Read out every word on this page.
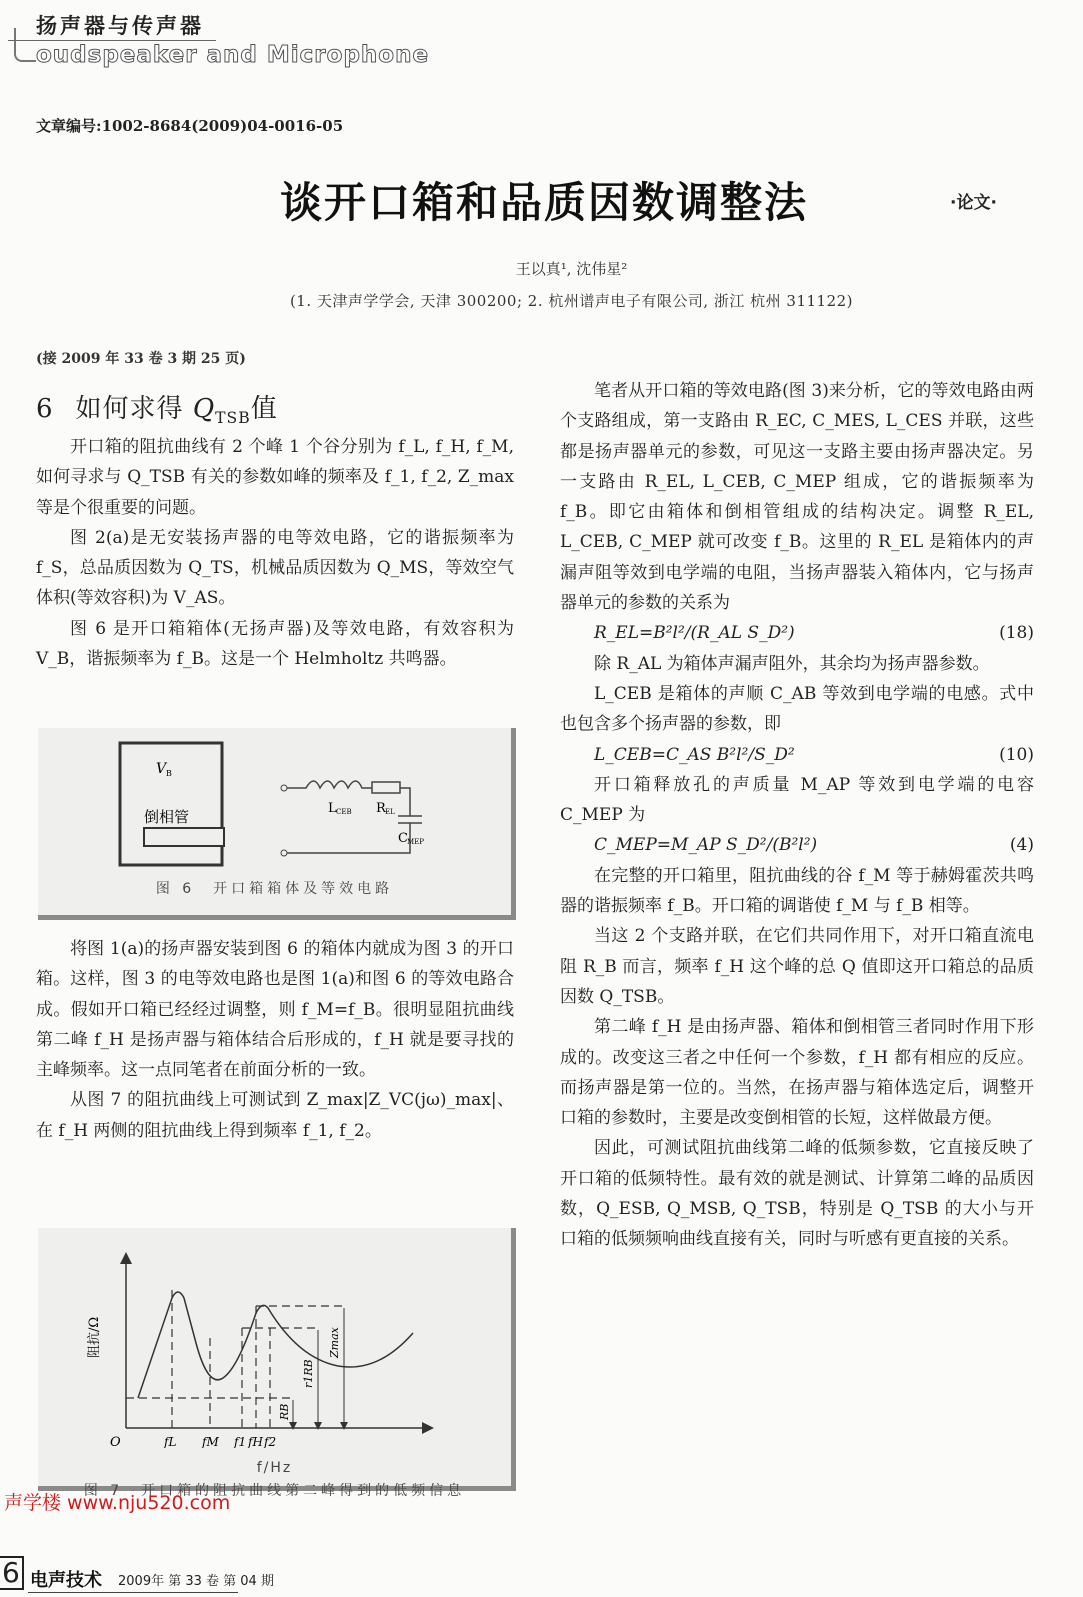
扬声器与传声器
oudspeaker and Microphone
文章编号:1002-8684(2009)04-0016-05
谈开口箱和品质因数调整法	·论文·
王以真¹, 沈伟星²
(1. 天津声学学会, 天津 300200; 2. 杭州谱声电子有限公司, 浙江 杭州 311122)
(接 2009 年 33 卷 3 期 25 页)
6 如何求得 $Q_{TSB}$值

开口箱的阻抗曲线有 2 个峰 1 个谷分别为 f_L, f_H, f_M, 如何寻求与 Q_TSB 有关的参数如峰的频率及 f_1, f_2, Z_max 等是个很重要的问题。

图 2(a)是无安装扬声器的电等效电路，它的谐振频率为 f_S，总品质因数为 Q_TS，机械品质因数为 Q_MS，等效空气体积(等效容积)为 V_AS。

图 6 是开口箱箱体(无扬声器)及等效电路，有效容积为 V_B，谐振频率为 f_B。这是一个 Helmholtz 共鸣器。

V B
倒相管	L CEB R EL
C MEP
图 6　开口箱箱体及等效电路

将图 1(a)的扬声器安装到图 6 的箱体内就成为图 3 的开口箱。这样，图 3 的电等效电路也是图 1(a)和图 6 的等效电路合成。假如开口箱已经经过调整，则 f_M=f_B。很明显阻抗曲线第二峰 f_H 是扬声器与箱体结合后形成的，f_H 就是要寻找的主峰频率。这一点同笔者在前面分析的一致。

从图 7 的阻抗曲线上可测试到 Z_max|Z_VC(jω)_max|、在 f_H 两侧的阻抗曲线上得到频率 f_1, f_2。

阻抗/Ω
O	fL fM f1 fH f2
RB
r1RB
Zmax
f/Hz
图 7　开口箱的阻抗曲线第二峰得到的低频信息

笔者从开口箱的等效电路(图 3)来分析，它的等效电路由两个支路组成，第一支路由 R_EC, C_MES, L_CES 并联，这些都是扬声器单元的参数，可见这一支路主要由扬声器决定。另一支路由 R_EL, L_CEB, C_MEP 组成，它的谐振频率为 f_B。即它由箱体和倒相管组成的结构决定。调整 R_EL, L_CEB, C_MEP 就可改变 f_B。这里的 R_EL 是箱体内的声漏声阻等效到电学端的电阻，当扬声器装入箱体内，它与扬声器单元的参数的关系为

R_EL=B²l²/(R_AL S_D²)	(18)

除 R_AL 为箱体声漏声阻外，其余均为扬声器参数。

L_CEB 是箱体的声顺 C_AB 等效到电学端的电感。式中也包含多个扬声器的参数，即

L_CEB=C_AS B²l²/S_D²	(10)

开口箱释放孔的声质量 M_AP 等效到电学端的电容 C_MEP 为

C_MEP=M_AP S_D²/(B²l²)	(4)

在完整的开口箱里，阻抗曲线的谷 f_M 等于赫姆霍茨共鸣器的谐振频率 f_B。开口箱的调谐使 f_M 与 f_B 相等。

当这 2 个支路并联，在它们共同作用下，对开口箱直流电阻 R_B 而言，频率 f_H 这个峰的总 Q 值即这开口箱总的品质因数 Q_TSB。

第二峰 f_H 是由扬声器、箱体和倒相管三者同时作用下形成的。改变这三者之中任何一个参数，f_H 都有相应的反应。而扬声器是第一位的。当然，在扬声器与箱体选定后，调整开口箱的参数时，主要是改变倒相管的长短，这样做最方便。

因此，可测试阻抗曲线第二峰的低频参数，它直接反映了开口箱的低频特性。最有效的就是测试、计算第二峰的品质因数，Q_ESB, Q_MSB, Q_TSB，特别是 Q_TSB 的大小与开口箱的低频频响曲线直接有关，同时与听感有更直接的关系。

声学楼 www.nju520.com
6 电声技术 2009年 第 33 卷 第 04 期
